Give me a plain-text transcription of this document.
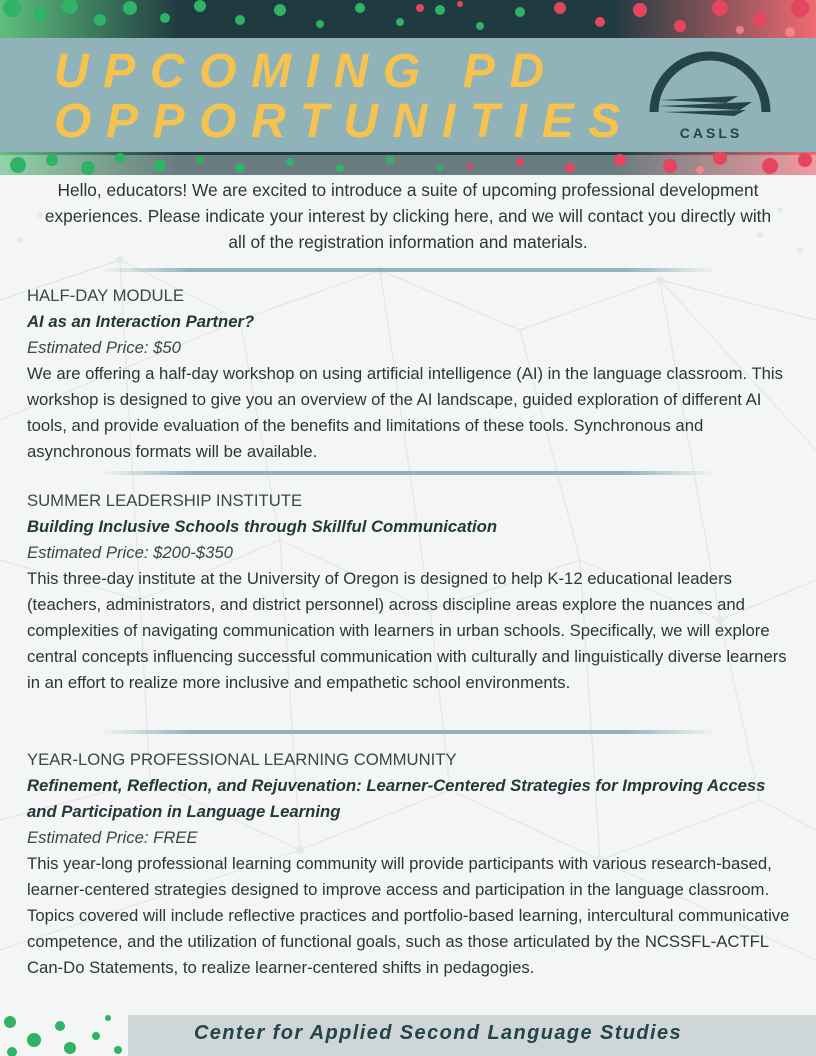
UPCOMING PD
OPPORTUNITIES	CASLS

Hello, educators! We are excited to introduce a suite of upcoming professional development experiences. Please indicate your interest by clicking here, and we will contact you directly with all of the registration information and materials.

HALF-DAY MODULE

AI as an Interaction Partner?

Estimated Price: $50

We are offering a half-day workshop on using artificial intelligence (AI) in the language classroom. This workshop is designed to give you an overview of the AI landscape, guided exploration of different AI tools, and provide evaluation of the benefits and limitations of these tools. Synchronous and asynchronous formats will be available.

SUMMER LEADERSHIP INSTITUTE

Building Inclusive Schools through Skillful Communication

Estimated Price: $200-$350

This three-day institute at the University of Oregon is designed to help K-12 educational leaders (teachers, administrators, and district personnel) across discipline areas explore the nuances and complexities of navigating communication with learners in urban schools. Specifically, we will explore central concepts influencing successful communication with culturally and linguistically diverse learners in an effort to realize more inclusive and empathetic school environments.

YEAR-LONG PROFESSIONAL LEARNING COMMUNITY

Refinement, Reflection, and Rejuvenation: Learner-Centered Strategies for Improving Access and Participation in Language Learning

Estimated Price: FREE

This year-long professional learning community will provide participants with various research-based, learner-centered strategies designed to improve access and participation in the language classroom. Topics covered will include reflective practices and portfolio-based learning, intercultural communicative competence, and the utilization of functional goals, such as those articulated by the NCSSFL-ACTFL Can-Do Statements, to realize learner-centered shifts in pedagogies.

Center for Applied Second Language Studies
